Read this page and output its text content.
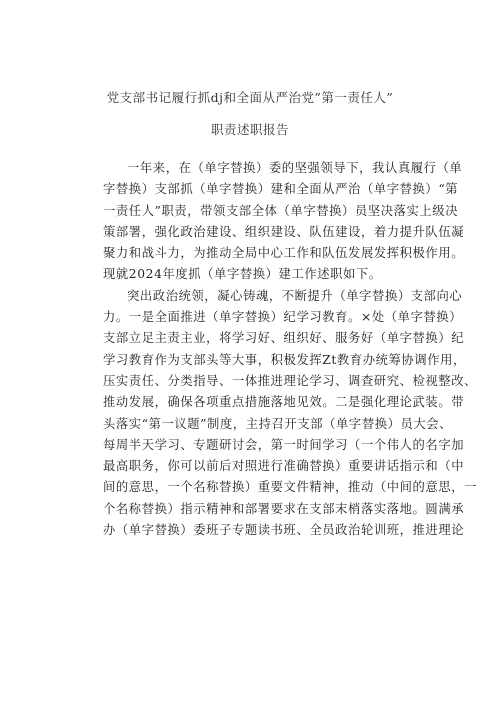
党支部书记履行抓dj和全面从严治党”第一责任人”
职责述职报告
一年来，在（单字替换）委的坚强领导下，我认真履行（单
字替换）支部抓（单字替换）建和全面从严治（单字替换）“第
一责任人”职责，带领支部全体（单字替换）员坚决落实上级决
策部署，强化政治建设、组织建设、队伍建设，着力提升队伍凝
聚力和战斗力，为推动全局中心工作和队伍发展发挥积极作用。
现就2024年度抓（单字替换）建工作述职如下。
突出政治统领，凝心铸魂，不断提升（单字替换）支部向心
力。一是全面推进（单字替换）纪学习教育。×处（单字替换）
支部立足主责主业，将学习好、组织好、服务好（单字替换）纪
学习教育作为支部头等大事，积极发挥Zt教育办统筹协调作用，
压实责任、分类指导、一体推进理论学习、调查研究、检视整改、
推动发展，确保各项重点措施落地见效。二是强化理论武装。带
头落实“第一议题”制度，主持召开支部（单字替换）员大会、
每周半天学习、专题研讨会，第一时间学习（一个伟人的名字加
最高职务，你可以前后对照进行准确替换）重要讲话指示和（中
间的意思，一个名称替换）重要文件精神，推动（中间的意思，一
个名称替换）指示精神和部署要求在支部末梢落实落地。圆满承
办（单字替换）委班子专题读书班、全员政治轮训班，推进理论
